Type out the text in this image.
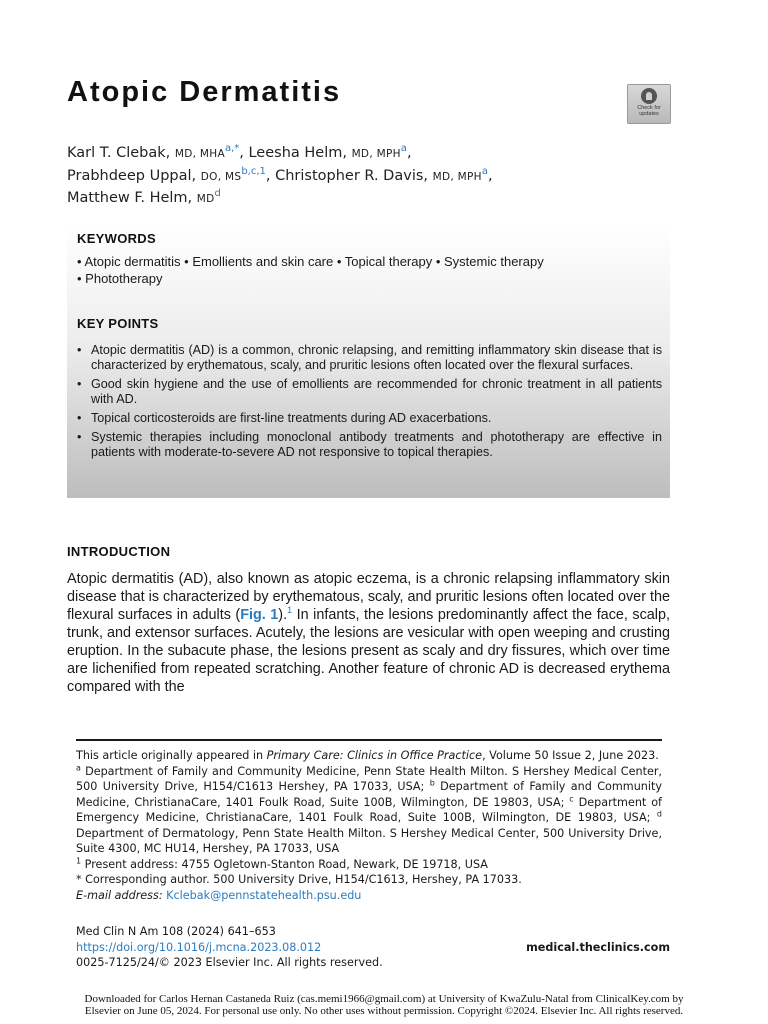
Atopic Dermatitis	Check for updates
Karl T. Clebak, MD, MHA$^{a,*}$, Leesha Helm, MD, MPH$^a$,
Prabhdeep Uppal, DO, MS$^{b,c,1}$, Christopher R. Davis, MD, MPH$^a$,
Matthew F. Helm, MD$^d$
KEYWORDS
• Atopic dermatitis • Emollients and skin care • Topical therapy • Systemic therapy
• Phototherapy
KEY POINTS
• Atopic dermatitis (AD) is a common, chronic relapsing, and remitting inflammatory skin disease that is characterized by erythematous, scaly, and pruritic lesions often located over the flexural surfaces.
• Good skin hygiene and the use of emollients are recommended for chronic treatment in all patients with AD.
• Topical corticosteroids are first-line treatments during AD exacerbations.
• Systemic therapies including monoclonal antibody treatments and phototherapy are effective in patients with moderate-to-severe AD not responsive to topical therapies.
INTRODUCTION

Atopic dermatitis (AD), also known as atopic eczema, is a chronic relapsing inflammatory skin disease that is characterized by erythematous, scaly, and pruritic lesions often located over the flexural surfaces in adults (Fig. 1).$^1$ In infants, the lesions predominantly affect the face, scalp, trunk, and extensor surfaces. Acutely, the lesions are vesicular with open weeping and crusting eruption. In the subacute phase, the lesions present as scaly and dry fissures, which over time are lichenified from repeated scratching. Another feature of chronic AD is decreased erythema compared with the

This article originally appeared in Primary Care: Clinics in Office Practice, Volume 50 Issue 2, June 2023.

$^a$ Department of Family and Community Medicine, Penn State Health Milton. S Hershey Medical Center, 500 University Drive, H154/C1613 Hershey, PA 17033, USA; $^b$ Department of Family and Community Medicine, ChristianaCare, 1401 Foulk Road, Suite 100B, Wilmington, DE 19803, USA; $^c$ Department of Emergency Medicine, ChristianaCare, 1401 Foulk Road, Suite 100B, Wilmington, DE 19803, USA; $^d$ Department of Dermatology, Penn State Health Milton. S Hershey Medical Center, 500 University Drive, Suite 4300, MC HU14, Hershey, PA 17033, USA

$^1$ Present address: 4755 Ogletown-Stanton Road, Newark, DE 19718, USA

* Corresponding author. 500 University Drive, H154/C1613, Hershey, PA 17033.

E-mail address: Kclebak@pennstatehealth.psu.edu

Med Clin N Am 108 (2024) 641–653

https://doi.org/10.1016/j.mcna.2023.08.012

0025-7125/24/© 2023 Elsevier Inc. All rights reserved.

medical.theclinics.com

Downloaded for Carlos Hernan Castaneda Ruiz (cas.memi1966@gmail.com) at University of KwaZulu-Natal from ClinicalKey.com by

Elsevier on June 05, 2024. For personal use only. No other uses without permission. Copyright ©2024. Elsevier Inc. All rights reserved.
